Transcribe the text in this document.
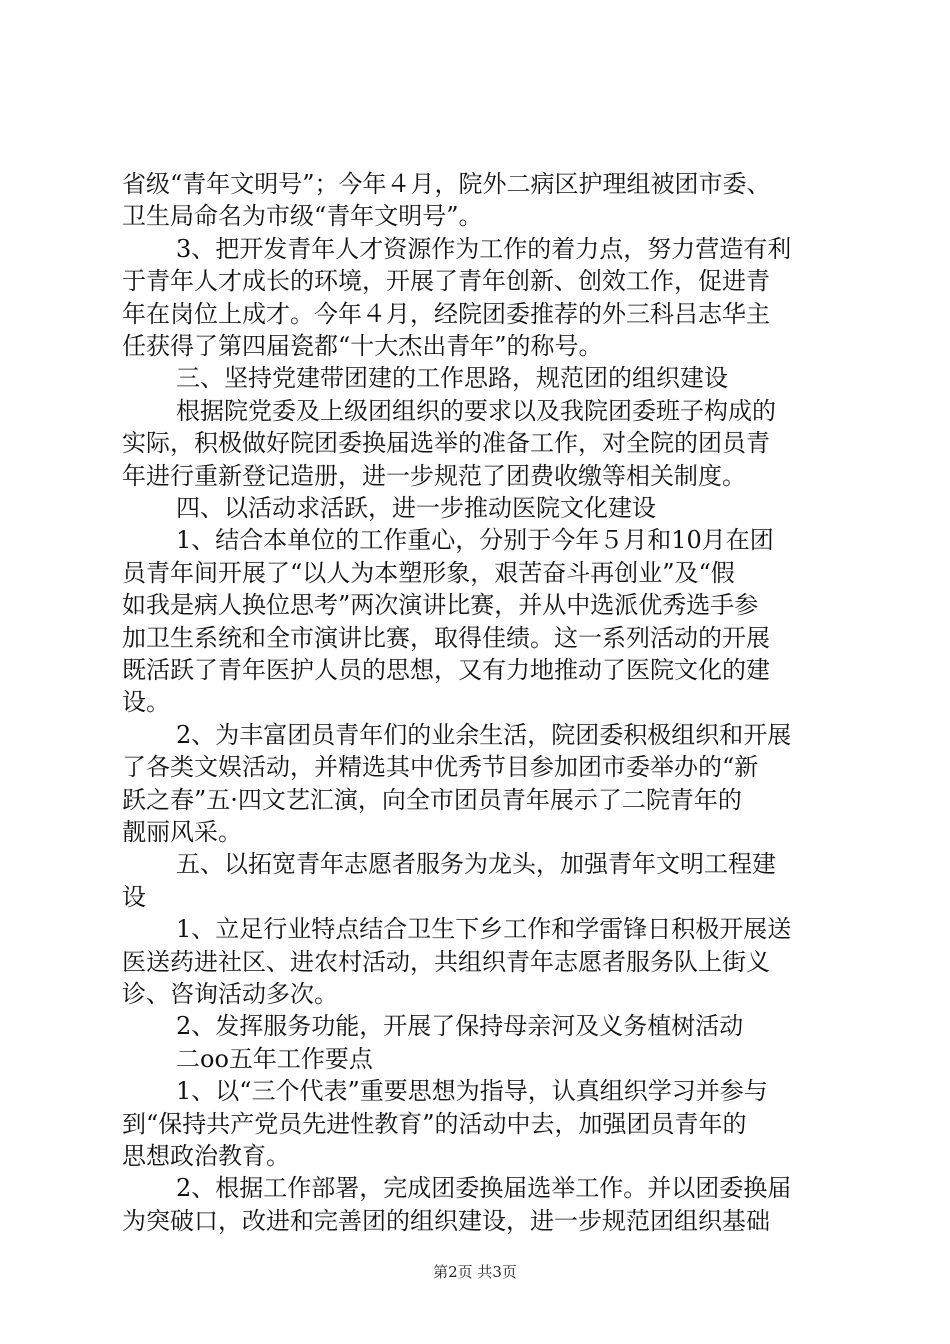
省级“青年文明号”；今年４月，院外二病区护理组被团市委、
卫生局命名为市级“青年文明号”。
3、把开发青年人才资源作为工作的着力点，努力营造有利
于青年人才成长的环境，开展了青年创新、创效工作，促进青
年在岗位上成才。今年４月，经院团委推荐的外三科吕志华主
任获得了第四届瓷都“十大杰出青年”的称号。
三、坚持党建带团建的工作思路，规范团的组织建设
根据院党委及上级团组织的要求以及我院团委班子构成的
实际，积极做好院团委换届选举的准备工作，对全院的团员青
年进行重新登记造册，进一步规范了团费收缴等相关制度。
四、以活动求活跃，进一步推动医院文化建设
1、结合本单位的工作重心，分别于今年５月和10月在团
员青年间开展了“以人为本塑形象，艰苦奋斗再创业”及“假
如我是病人换位思考”两次演讲比赛，并从中选派优秀选手参
加卫生系统和全市演讲比赛，取得佳绩。这一系列活动的开展
既活跃了青年医护人员的思想，又有力地推动了医院文化的建
设。
2、为丰富团员青年们的业余生活，院团委积极组织和开展
了各类文娱活动，并精选其中优秀节目参加团市委举办的“新
跃之春”五·四文艺汇演，向全市团员青年展示了二院青年的
靓丽风采。
五、以拓宽青年志愿者服务为龙头，加强青年文明工程建
设
1、立足行业特点结合卫生下乡工作和学雷锋日积极开展送
医送药进社区、进农村活动，共组织青年志愿者服务队上街义
诊、咨询活动多次。
2、发挥服务功能，开展了保持母亲河及义务植树活动
二oo五年工作要点
1、以“三个代表”重要思想为指导，认真组织学习并参与
到“保持共产党员先进性教育”的活动中去，加强团员青年的
思想政治教育。
2、根据工作部署，完成团委换届选举工作。并以团委换届
为突破口，改进和完善团的组织建设，进一步规范团组织基础
第2页 共3页
